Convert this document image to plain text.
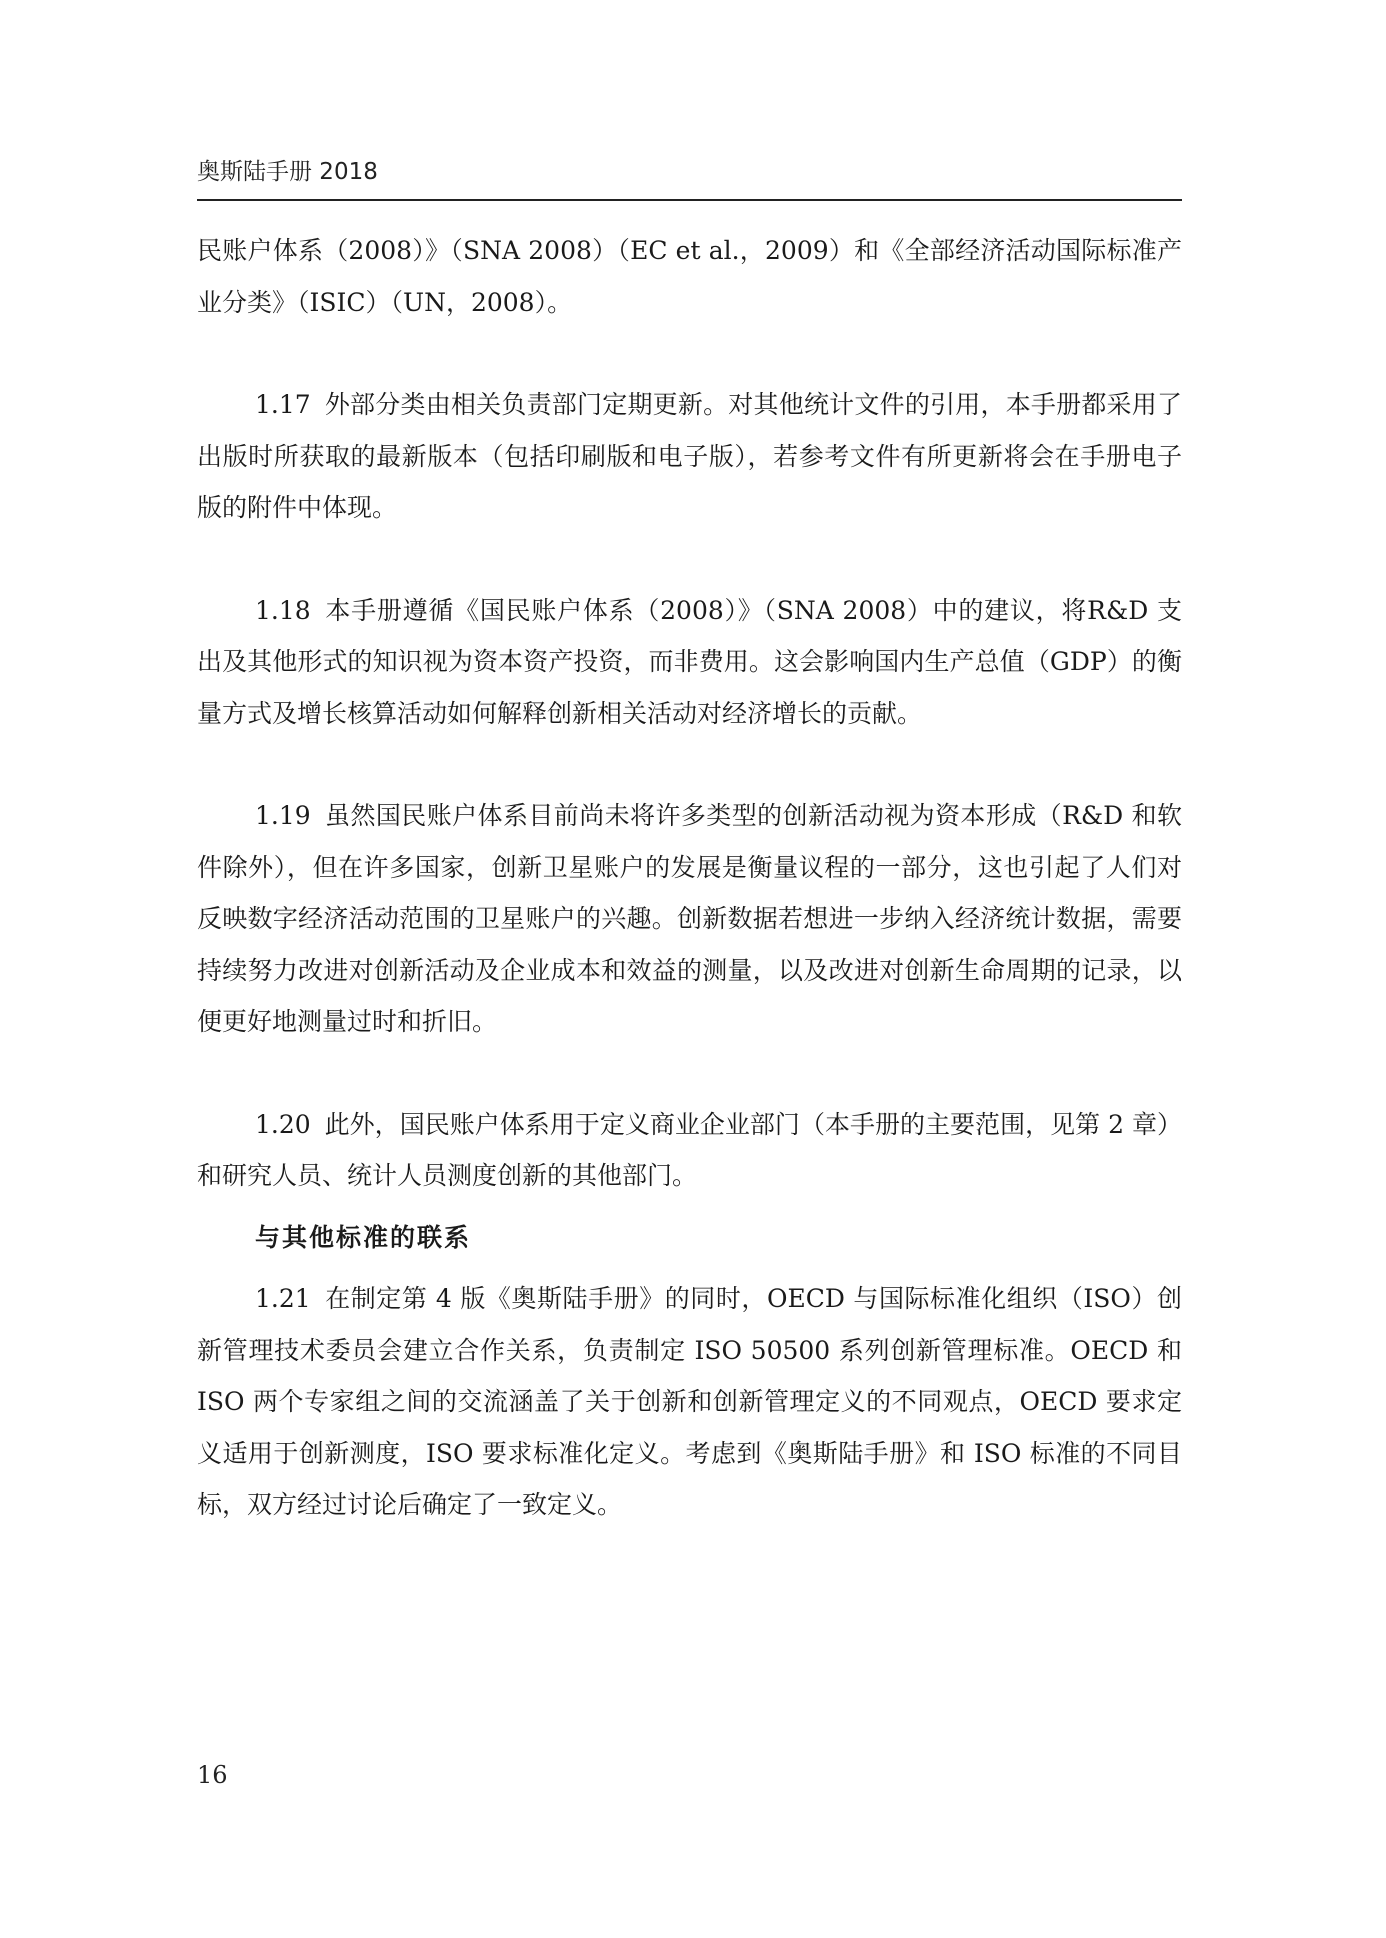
奥斯陆手册 2018

民账户体系（2008）》（SNA 2008）（EC et al.，2009）和《全部经济活动国际标准产业分类》（ISIC）（UN，2008）。

1.17 外部分类由相关负责部门定期更新。对其他统计文件的引用，本手册都采用了出版时所获取的最新版本（包括印刷版和电子版），若参考文件有所更新将会在手册电子版的附件中体现。

1.18 本手册遵循《国民账户体系（2008）》（SNA 2008）中的建议，将R&D 支出及其他形式的知识视为资本资产投资，而非费用。这会影响国内生产总值（GDP）的衡量方式及增长核算活动如何解释创新相关活动对经济增长的贡献。

1.19 虽然国民账户体系目前尚未将许多类型的创新活动视为资本形成（R&D 和软件除外），但在许多国家，创新卫星账户的发展是衡量议程的一部分，这也引起了人们对反映数字经济活动范围的卫星账户的兴趣。创新数据若想进一步纳入经济统计数据，需要持续努力改进对创新活动及企业成本和效益的测量，以及改进对创新生命周期的记录，以便更好地测量过时和折旧。

1.20 此外，国民账户体系用于定义商业企业部门（本手册的主要范围，见第 2 章）和研究人员、统计人员测度创新的其他部门。

与其他标准的联系

1.21 在制定第 4 版《奥斯陆手册》的同时，OECD 与国际标准化组织（ISO）创新管理技术委员会建立合作关系，负责制定 ISO 50500 系列创新管理标准。OECD 和 ISO 两个专家组之间的交流涵盖了关于创新和创新管理定义的不同观点，OECD 要求定义适用于创新测度，ISO 要求标准化定义。考虑到《奥斯陆手册》和 ISO 标准的不同目标，双方经过讨论后确定了一致定义。

16
